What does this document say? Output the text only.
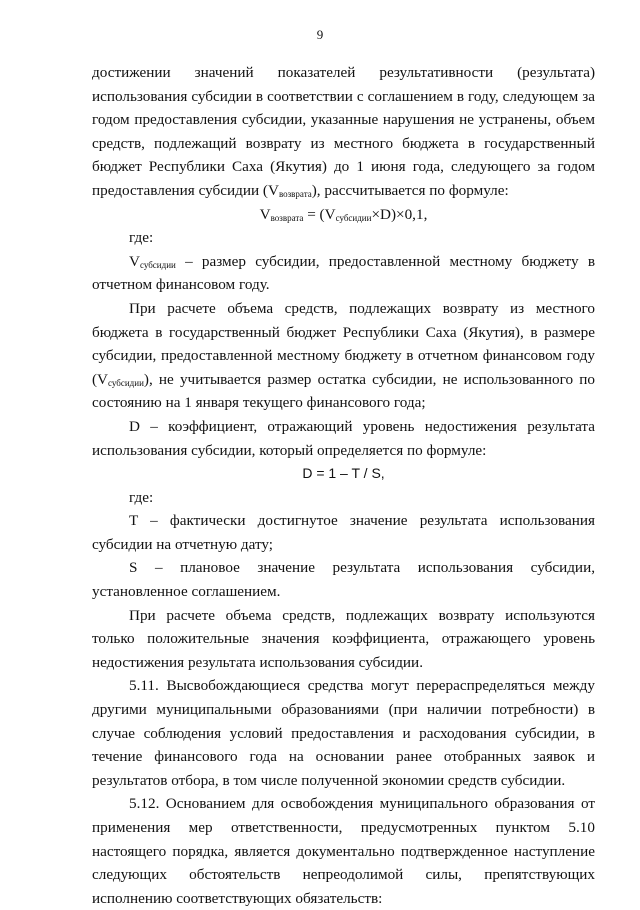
9

достижении значений показателей результативности (результата) использования субсидии в соответствии с соглашением в году, следующем за годом предоставления субсидии, указанные нарушения не устранены, объем средств, подлежащий возврату из местного бюджета в государственный бюджет Республики Саха (Якутия) до 1 июня года, следующего за годом предоставления субсидии $(V_{возврата})$, рассчитывается по формуле:

$V_{возврата} = (V_{субсидии}\times D)\times 0,1$,

где:

$V_{субсидии}$ – размер субсидии, предоставленной местному бюджету в отчетном финансовом году.

При расчете объема средств, подлежащих возврату из местного бюджета в государственный бюджет Республики Саха (Якутия), в размере субсидии, предоставленной местному бюджету в отчетном финансовом году $(V_{субсидии})$, не учитывается размер остатка субсидии, не использованного по состоянию на 1 января текущего финансового года;

D – коэффициент, отражающий уровень недостижения результата использования субсидии, который определяется по формуле:

D = 1 – T / S,

где:

T – фактически достигнутое значение результата использования субсидии на отчетную дату;

S – плановое значение результата использования субсидии, установленное соглашением.

При расчете объема средств, подлежащих возврату используются только положительные значения коэффициента, отражающего уровень недостижения результата использования субсидии.

5.11. Высвобождающиеся средства могут перераспределяться между другими муниципальными образованиями (при наличии потребности) в случае соблюдения условий предоставления и расходования субсидии, в течение финансового года на основании ранее отобранных заявок и результатов отбора, в том числе полученной экономии средств субсидии.

5.12. Основанием для освобождения муниципального образования от применения мер ответственности, предусмотренных пунктом 5.10 настоящего порядка, является документально подтвержденное наступление следующих обстоятельств непреодолимой силы, препятствующих исполнению соответствующих обязательств:
